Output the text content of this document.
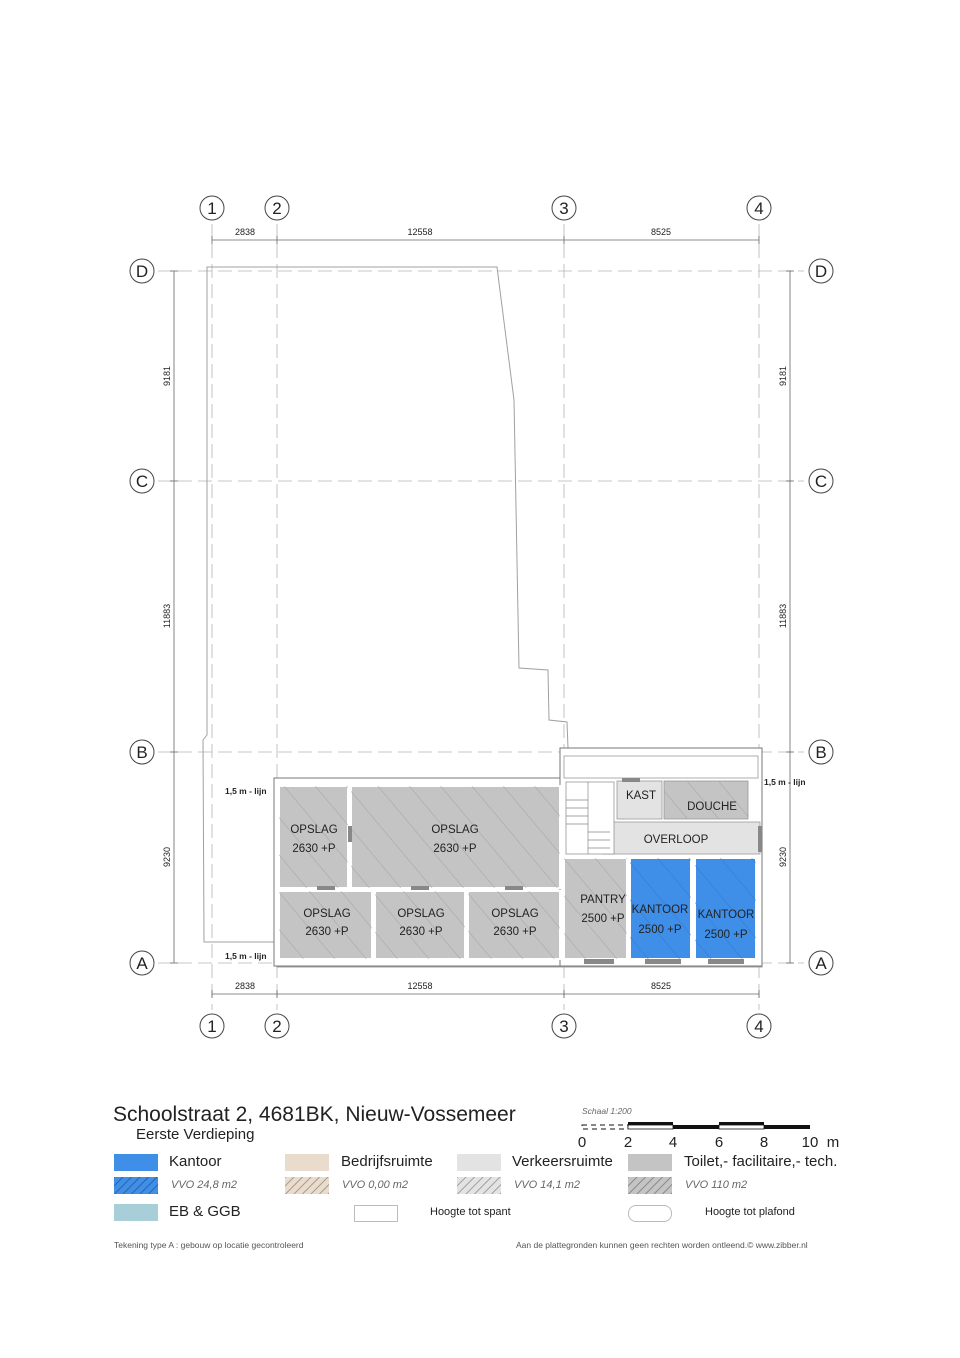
2838	12558	8525
2838	12558	8525
9181
11883
9230
9181
11883
9230
1	2	3	4
1	2	3	4
D
C
B
A
D
C
B
A
OPSLAG
2630 +P
OPSLAG
2630 +P
OPSLAG
2630 +P
OPSLAG
2630 +P
OPSLAG
2630 +P
PANTRY
2500 +P
KANTOOR
2500 +P
KANTOOR
2500 +P
KAST
DOUCHE
OVERLOOP
1,5 m - lijn
1,5 m - lijn
1,5 m - lijn
Schoolstraat 2, 4681BK, Nieuw-Vossemeer
Eerste Verdieping
Schaal 1:200
0	2 4	6 8 10 m
Kantoor
VVO 24,8 m2
Bedrijfsruimte
VVO 0,00 m2
Verkeersruimte
VVO 14,1 m2
Toilet,- facilitaire,- tech.
VVO 110 m2
EB & GGB	Hoogte tot spant	Hoogte tot plafond
Tekening type A : gebouw op locatie gecontroleerd	Aan de plattegronden kunnen geen rechten worden ontleend.© www.zibber.nl
